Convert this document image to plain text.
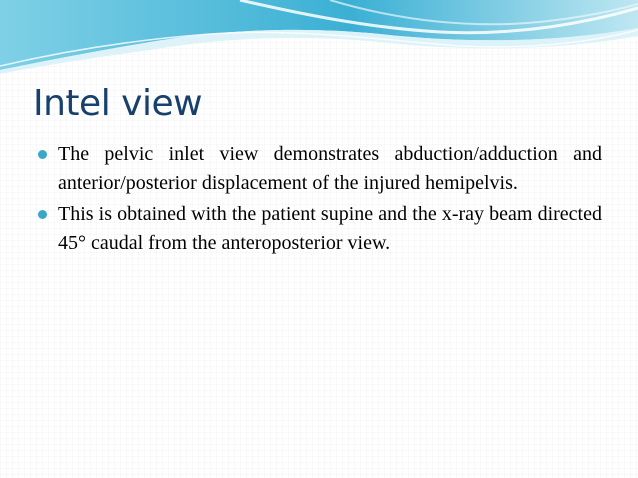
Intel view
The pelvic inlet view demonstrates abduction/adduction and anterior/posterior displacement of the injured hemipelvis.
This is obtained with the patient supine and the x-ray beam directed 45° caudal from the anteroposterior view.
